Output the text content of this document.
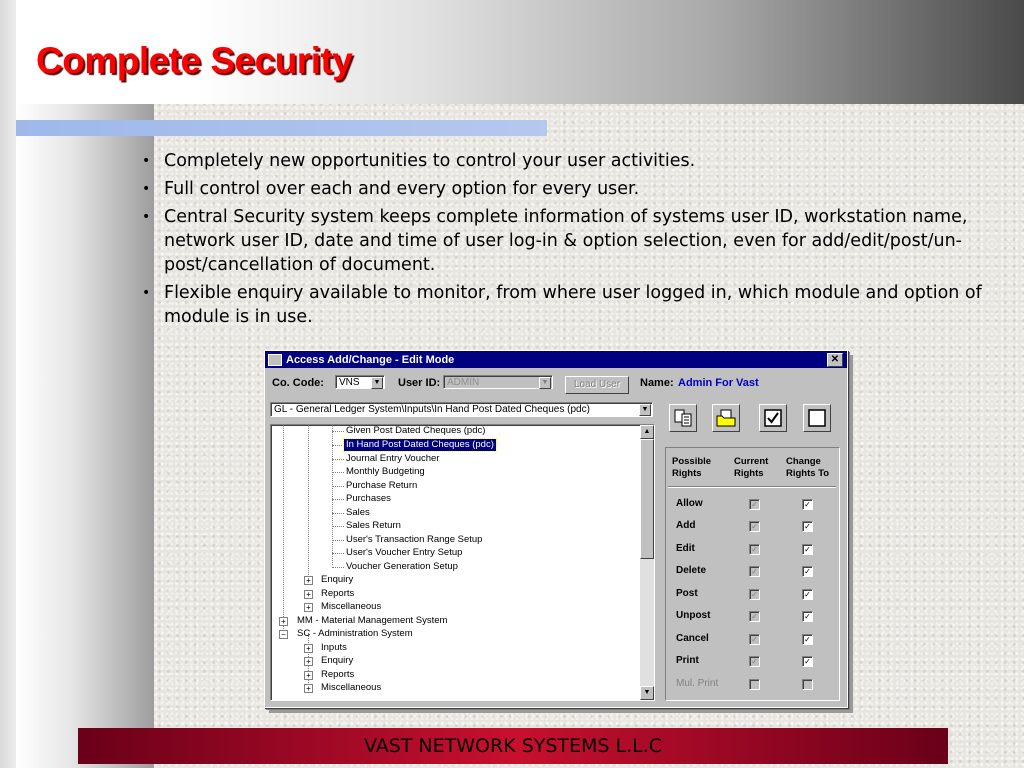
Complete Security
• Completely new opportunities to control your user activities.
• Full control over each and every option for every user.
• Central Security system keeps complete information of systems user ID, workstation name, network user ID, date and time of user log-in & option selection, even for add/edit/post/un-post/cancellation of document.
• Flexible enquiry available to monitor, from where user logged in, which module and option of module is in use.
Access Add/Change - Edit Mode	✕
Co. Code:	VNS	▼ User ID: ADMIN	▼	Load User	Name: Admin For Vast
GL - General Ledger System\Inputs\In Hand Post Dated Cheques (pdc)	▼
Given Post Dated Cheques (pdc)
In Hand Post Dated Cheques (pdc)
Journal Entry Voucher
Monthly Budgeting
Purchase Return
Purchases
Sales
Sales Return
User's Transaction Range Setup
User's Voucher Entry Setup
Voucher Generation Setup
+ Enquiry
+ Reports
+ Miscellaneous
+ MM - Material Management System
− SC - Administration System
+ Inputs
+ Enquiry
+ Reports
+ Miscellaneous
▲
▼
Possible
Rights
Current
Rights
Change
Rights To
Allow	✓	✓
Add	✓	✓
Edit	✓	✓
Delete	✓	✓
Post	✓	✓
Unpost	✓	✓
Cancel	✓	✓
Print	✓	✓
Mul. Print
VAST NETWORK SYSTEMS L.L.C
